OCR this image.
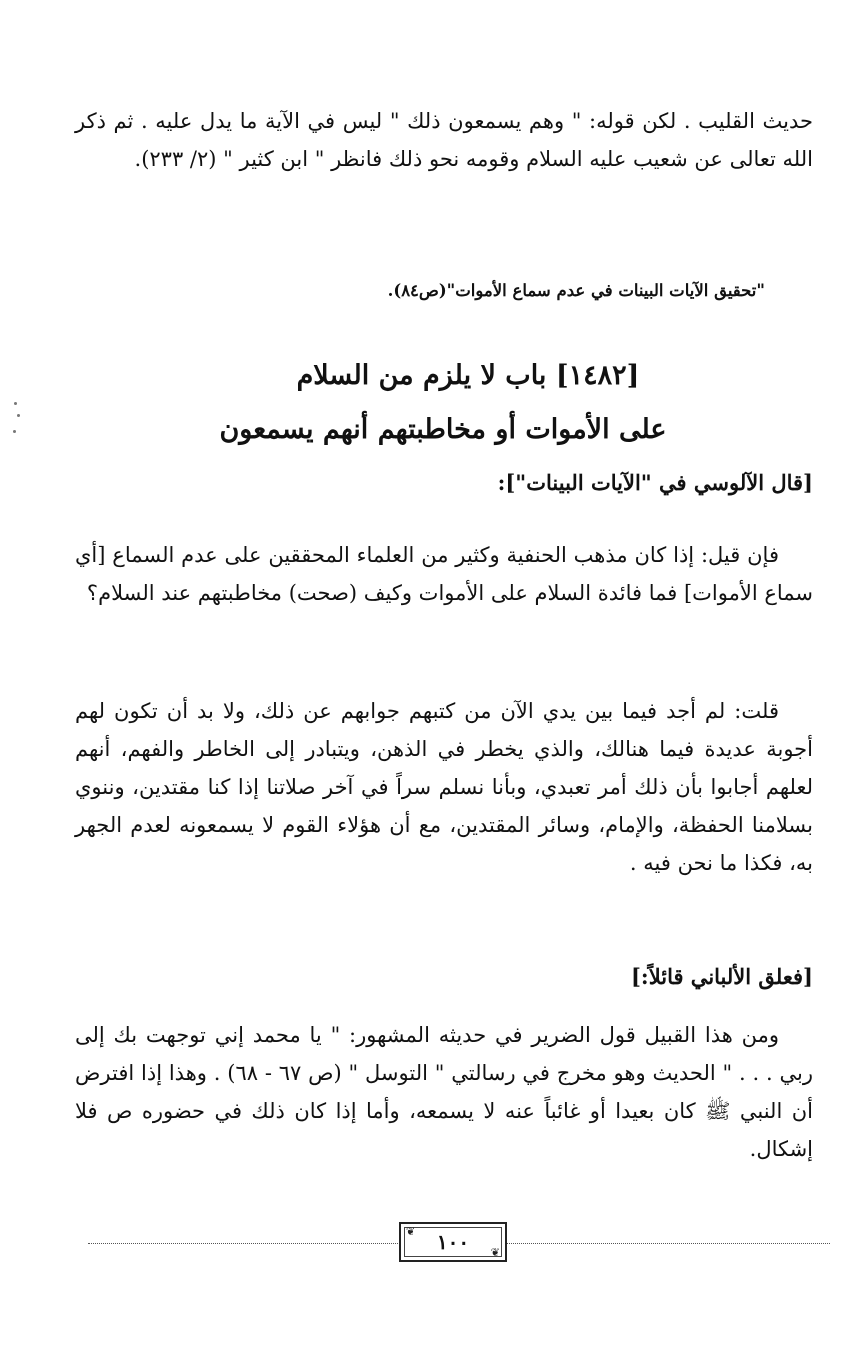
حديث القليب . لكن قوله: " وهم يسمعون ذلك " ليس في الآية ما يدل عليه . ثم ذكر الله تعالى عن شعيب عليه السلام وقومه نحو ذلك فانظر " ابن كثير " (٢/ ٢٣٣).
"تحقيق الآيات البينات في عدم سماع الأموات"(ص٨٤).
[١٤٨٢] باب لا يلزم من السلام
على الأموات أو مخاطبتهم أنهم يسمعون
[قال الآلوسي في "الآيات البينات"]:
فإن قيل: إذا كان مذهب الحنفية وكثير من العلماء المحققين على عدم السماع [أي سماع الأموات] فما فائدة السلام على الأموات وكيف (صحت) مخاطبتهم عند السلام؟
قلت: لم أجد فيما بين يدي الآن من كتبهم جوابهم عن ذلك، ولا بد أن تكون لهم أجوبة عديدة فيما هنالك، والذي يخطر في الذهن، ويتبادر إلى الخاطر والفهم، أنهم لعلهم أجابوا بأن ذلك أمر تعبدي، وبأنا نسلم سراً في آخر صلاتنا إذا كنا مقتدين، وننوي بسلامنا الحفظة، والإمام، وسائر المقتدين، مع أن هؤلاء القوم لا يسمعونه لعدم الجهر به، فكذا ما نحن فيه .
[فعلق الألباني قائلاً:]
ومن هذا القبيل قول الضرير في حديثه المشهور: " يا محمد إني توجهت بك إلى ربي . . . " الحديث وهو مخرج في رسالتي " التوسل " (ص ٦٧ - ٦٨) . وهذا إذا افترض أن النبي ﷺ كان بعيدا أو غائباً عنه لا يسمعه، وأما إذا كان ذلك في حضوره ص فلا إشكال.
❦
❦
١٠٠
